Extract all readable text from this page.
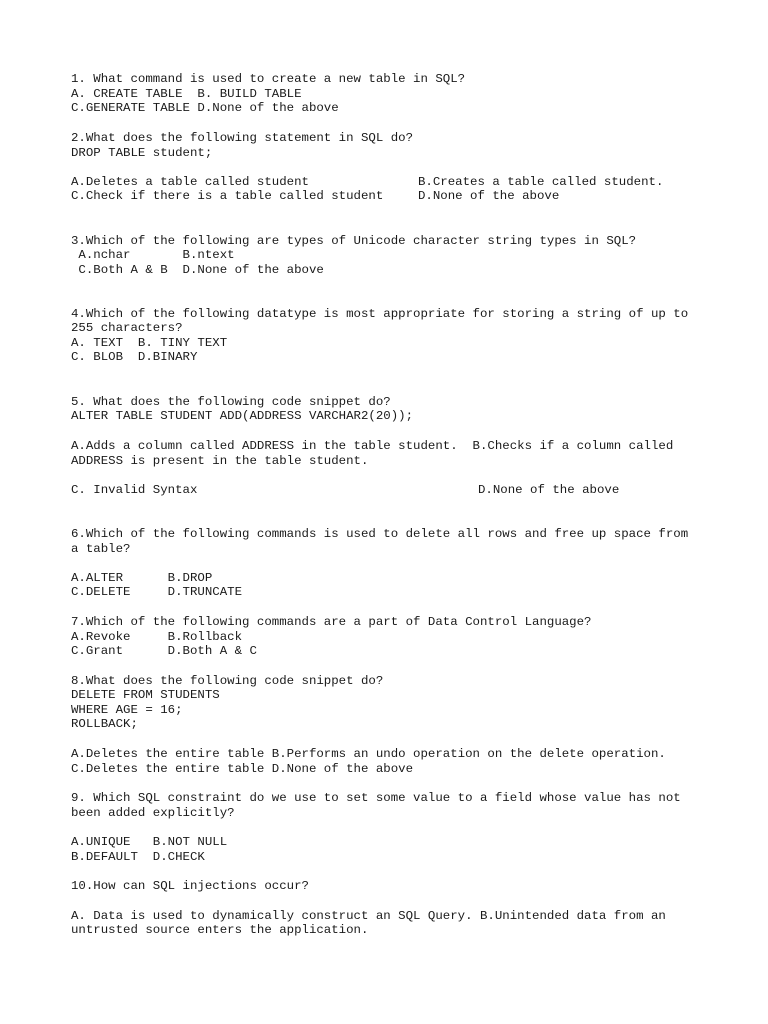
1. What command is used to create a new table in SQL?

A. CREATE TABLE  B. BUILD TABLE

C.GENERATE TABLE D.None of the above

2.What does the following statement in SQL do?

DROP TABLE student;

A.Deletes a table called student	B.Creates a table called student.

C.Check if there is a table called student	D.None of the above

3.Which of the following are types of Unicode character string types in SQL?

A.nchar       B.ntext

C.Both A & B  D.None of the above

4.Which of the following datatype is most appropriate for storing a string of up to

255 characters?

A. TEXT  B. TINY TEXT

C. BLOB  D.BINARY

5. What does the following code snippet do?

ALTER TABLE STUDENT ADD(ADDRESS VARCHAR2(20));

A.Adds a column called ADDRESS in the table student.  B.Checks if a column called

ADDRESS is present in the table student.

C. Invalid Syntax	D.None of the above

6.Which of the following commands is used to delete all rows and free up space from

a table?

A.ALTER      B.DROP

C.DELETE     D.TRUNCATE

7.Which of the following commands are a part of Data Control Language?

A.Revoke     B.Rollback

C.Grant      D.Both A & C

8.What does the following code snippet do?

DELETE FROM STUDENTS

WHERE AGE = 16;

ROLLBACK;

A.Deletes the entire table B.Performs an undo operation on the delete operation.

C.Deletes the entire table D.None of the above

9. Which SQL constraint do we use to set some value to a field whose value has not

been added explicitly?

A.UNIQUE   B.NOT NULL

B.DEFAULT  D.CHECK

10.How can SQL injections occur?

A. Data is used to dynamically construct an SQL Query. B.Unintended data from an

untrusted source enters the application.
